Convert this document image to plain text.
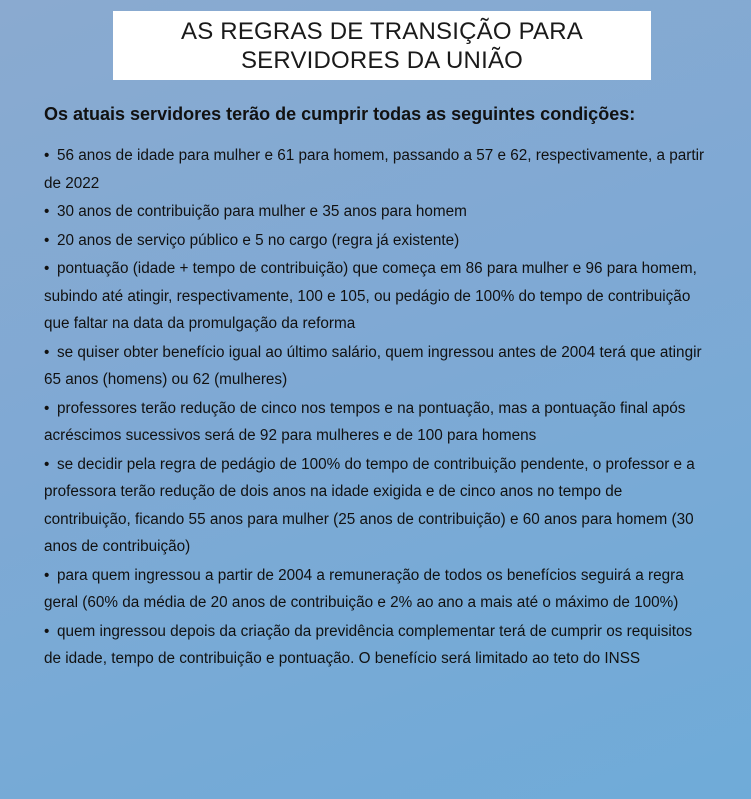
AS REGRAS DE TRANSIÇÃO PARA
SERVIDORES DA UNIÃO
Os atuais servidores terão de cumprir todas as seguintes condições:
• 56 anos de idade para mulher e 61 para homem, passando a 57 e 62, respectivamente, a partir de 2022
• 30 anos de contribuição para mulher e 35 anos para homem
• 20 anos de serviço público e 5 no cargo (regra já existente)
• pontuação (idade + tempo de contribuição) que começa em 86 para mulher e 96 para homem, subindo até atingir, respectivamente, 100 e 105, ou pedágio de 100% do tempo de contribuição que faltar na data da promulgação da reforma
• se quiser obter benefício igual ao último salário, quem ingressou antes de 2004 terá que atingir 65 anos (homens) ou 62 (mulheres)
• professores terão redução de cinco nos tempos e na pontuação, mas a pontuação final após acréscimos sucessivos será de 92 para mulheres e de 100 para homens
• se decidir pela regra de pedágio de 100% do tempo de contribuição pendente, o professor e a professora terão redução de dois anos na idade exigida e de cinco anos no tempo de contribuição, ficando 55 anos para mulher (25 anos de contribuição) e 60 anos para homem (30 anos de contribuição)
• para quem ingressou a partir de 2004 a remuneração de todos os benefícios seguirá a regra geral (60% da média de 20 anos de contribuição e 2% ao ano a mais até o máximo de 100%)
• quem ingressou depois da criação da previdência complementar terá de cumprir os requisitos de idade, tempo de contribuição e pontuação. O benefício será limitado ao teto do INSS
